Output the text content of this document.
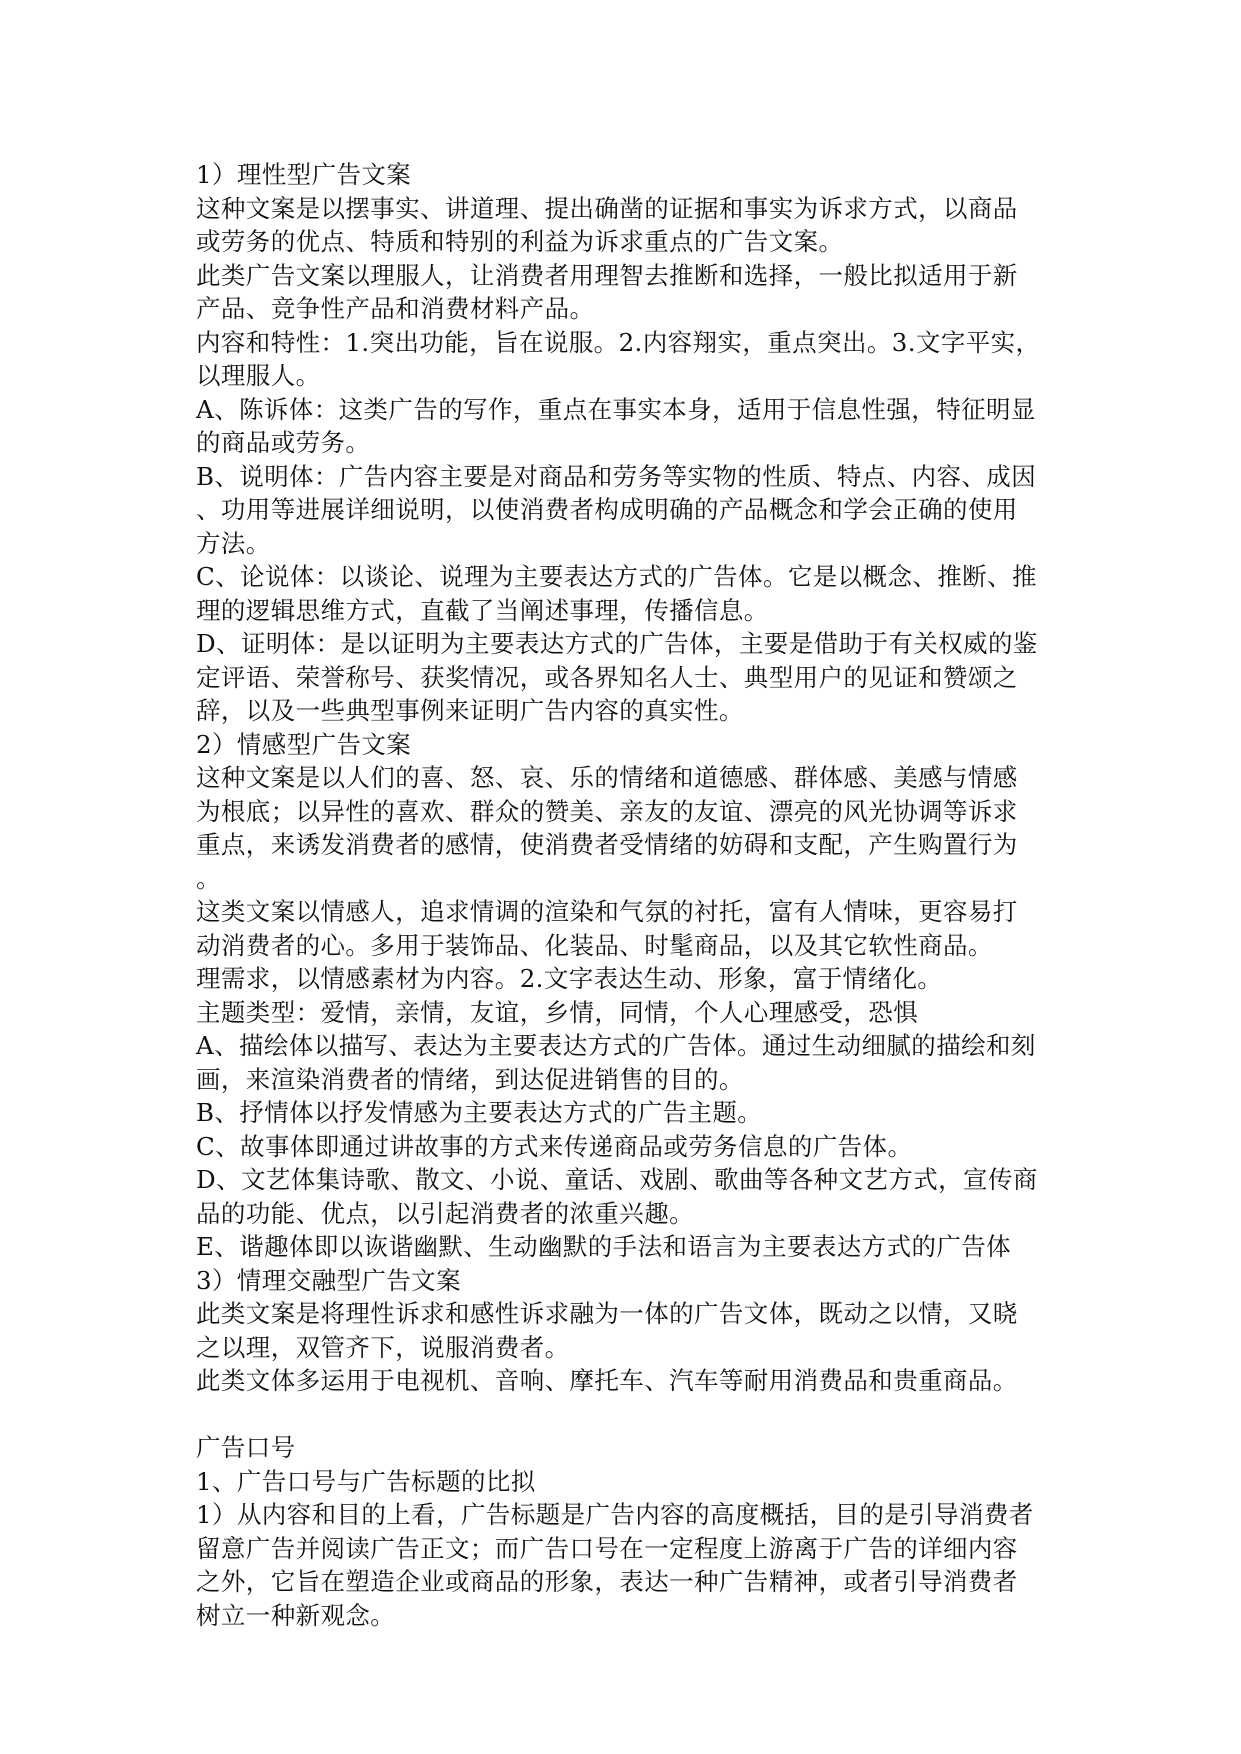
1）理性型广告文案
这种文案是以摆事实、讲道理、提出确凿的证据和事实为诉求方式，以商品
或劳务的优点、特质和特别的利益为诉求重点的广告文案。
此类广告文案以理服人，让消费者用理智去推断和选择，一般比拟适用于新
产品、竞争性产品和消费材料产品。
内容和特性：1.突出功能，旨在说服。2.内容翔实，重点突出。3.文字平实，
以理服人。
A、陈诉体：这类广告的写作，重点在事实本身，适用于信息性强，特征明显
的商品或劳务。
B、说明体：广告内容主要是对商品和劳务等实物的性质、特点、内容、成因
、功用等进展详细说明，以使消费者构成明确的产品概念和学会正确的使用
方法。
C、论说体：以谈论、说理为主要表达方式的广告体。它是以概念、推断、推
理的逻辑思维方式，直截了当阐述事理，传播信息。
D、证明体：是以证明为主要表达方式的广告体，主要是借助于有关权威的鉴
定评语、荣誉称号、获奖情况，或各界知名人士、典型用户的见证和赞颂之
辞，以及一些典型事例来证明广告内容的真实性。
2）情感型广告文案
这种文案是以人们的喜、怒、哀、乐的情绪和道德感、群体感、美感与情感
为根底；以异性的喜欢、群众的赞美、亲友的友谊、漂亮的风光协调等诉求
重点，来诱发消费者的感情，使消费者受情绪的妨碍和支配，产生购置行为
。
这类文案以情感人，追求情调的渲染和气氛的衬托，富有人情味，更容易打
动消费者的心。多用于装饰品、化装品、时髦商品，以及其它软性商品。
理需求，以情感素材为内容。2.文字表达生动、形象，富于情绪化。
主题类型：爱情，亲情，友谊，乡情，同情，个人心理感受，恐惧
A、描绘体以描写、表达为主要表达方式的广告体。通过生动细腻的描绘和刻
画，来渲染消费者的情绪，到达促进销售的目的。
B、抒情体以抒发情感为主要表达方式的广告主题。
C、故事体即通过讲故事的方式来传递商品或劳务信息的广告体。
D、文艺体集诗歌、散文、小说、童话、戏剧、歌曲等各种文艺方式，宣传商
品的功能、优点，以引起消费者的浓重兴趣。
E、谐趣体即以诙谐幽默、生动幽默的手法和语言为主要表达方式的广告体
3）情理交融型广告文案
此类文案是将理性诉求和感性诉求融为一体的广告文体，既动之以情，又晓
之以理，双管齐下，说服消费者。
此类文体多运用于电视机、音响、摩托车、汽车等耐用消费品和贵重商品。
广告口号
1、广告口号与广告标题的比拟
1）从内容和目的上看，广告标题是广告内容的高度概括，目的是引导消费者
留意广告并阅读广告正文；而广告口号在一定程度上游离于广告的详细内容
之外，它旨在塑造企业或商品的形象，表达一种广告精神，或者引导消费者
树立一种新观念。
